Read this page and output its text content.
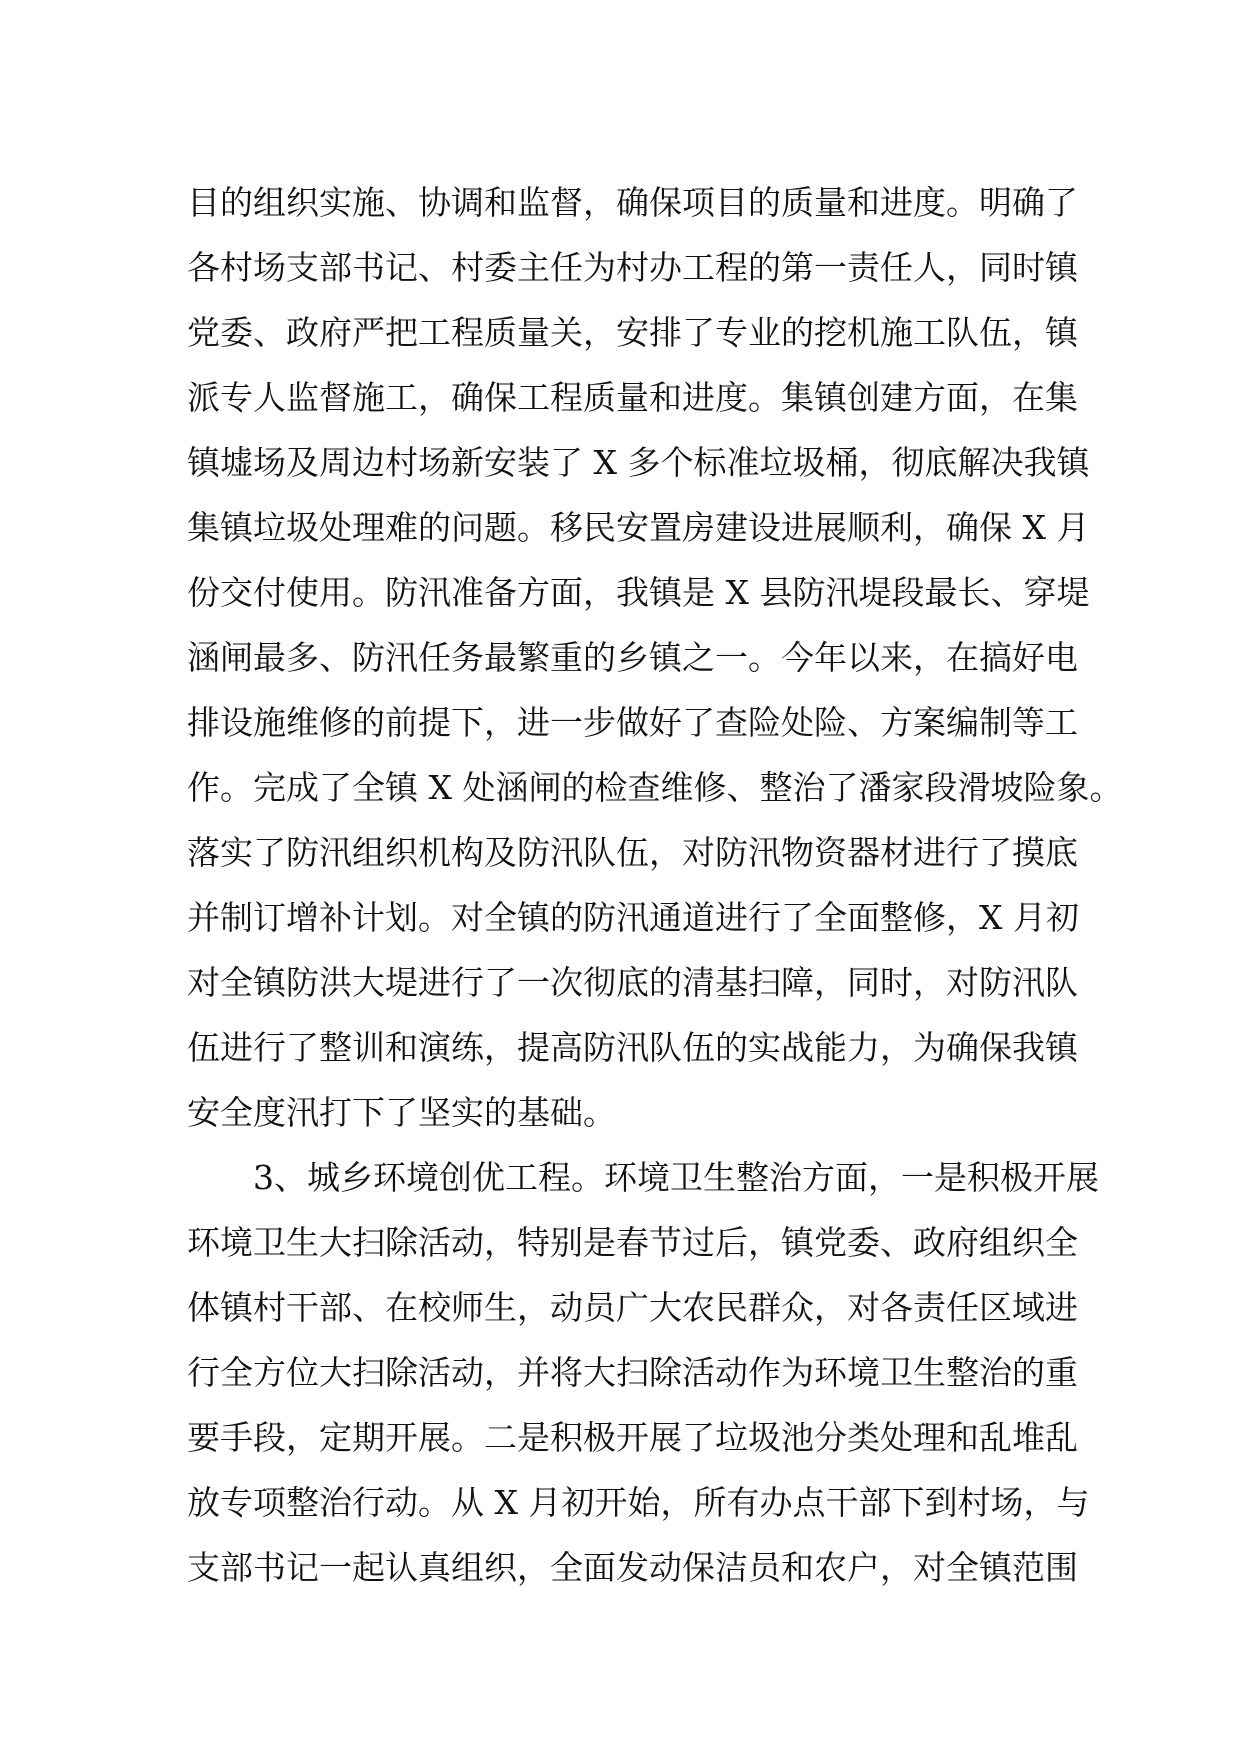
目的组织实施、协调和监督，确保项目的质量和进度。明确了
各村场支部书记、村委主任为村办工程的第一责任人，同时镇
党委、政府严把工程质量关，安排了专业的挖机施工队伍，镇
派专人监督施工，确保工程质量和进度。集镇创建方面，在集
镇墟场及周边村场新安装了 X 多个标准垃圾桶，彻底解决我镇
集镇垃圾处理难的问题。移民安置房建设进展顺利，确保 X 月
份交付使用。防汛准备方面，我镇是 X 县防汛堤段最长、穿堤
涵闸最多、防汛任务最繁重的乡镇之一。今年以来，在搞好电
排设施维修的前提下，进一步做好了查险处险、方案编制等工
作。完成了全镇 X 处涵闸的检查维修、整治了潘家段滑坡险象。
落实了防汛组织机构及防汛队伍，对防汛物资器材进行了摸底
并制订增补计划。对全镇的防汛通道进行了全面整修，X 月初
对全镇防洪大堤进行了一次彻底的清基扫障，同时，对防汛队
伍进行了整训和演练，提高防汛队伍的实战能力，为确保我镇
安全度汛打下了坚实的基础。
3、城乡环境创优工程。环境卫生整治方面，一是积极开展
环境卫生大扫除活动，特别是春节过后，镇党委、政府组织全
体镇村干部、在校师生，动员广大农民群众，对各责任区域进
行全方位大扫除活动，并将大扫除活动作为环境卫生整治的重
要手段，定期开展。二是积极开展了垃圾池分类处理和乱堆乱
放专项整治行动。从 X 月初开始，所有办点干部下到村场，与
支部书记一起认真组织，全面发动保洁员和农户，对全镇范围
